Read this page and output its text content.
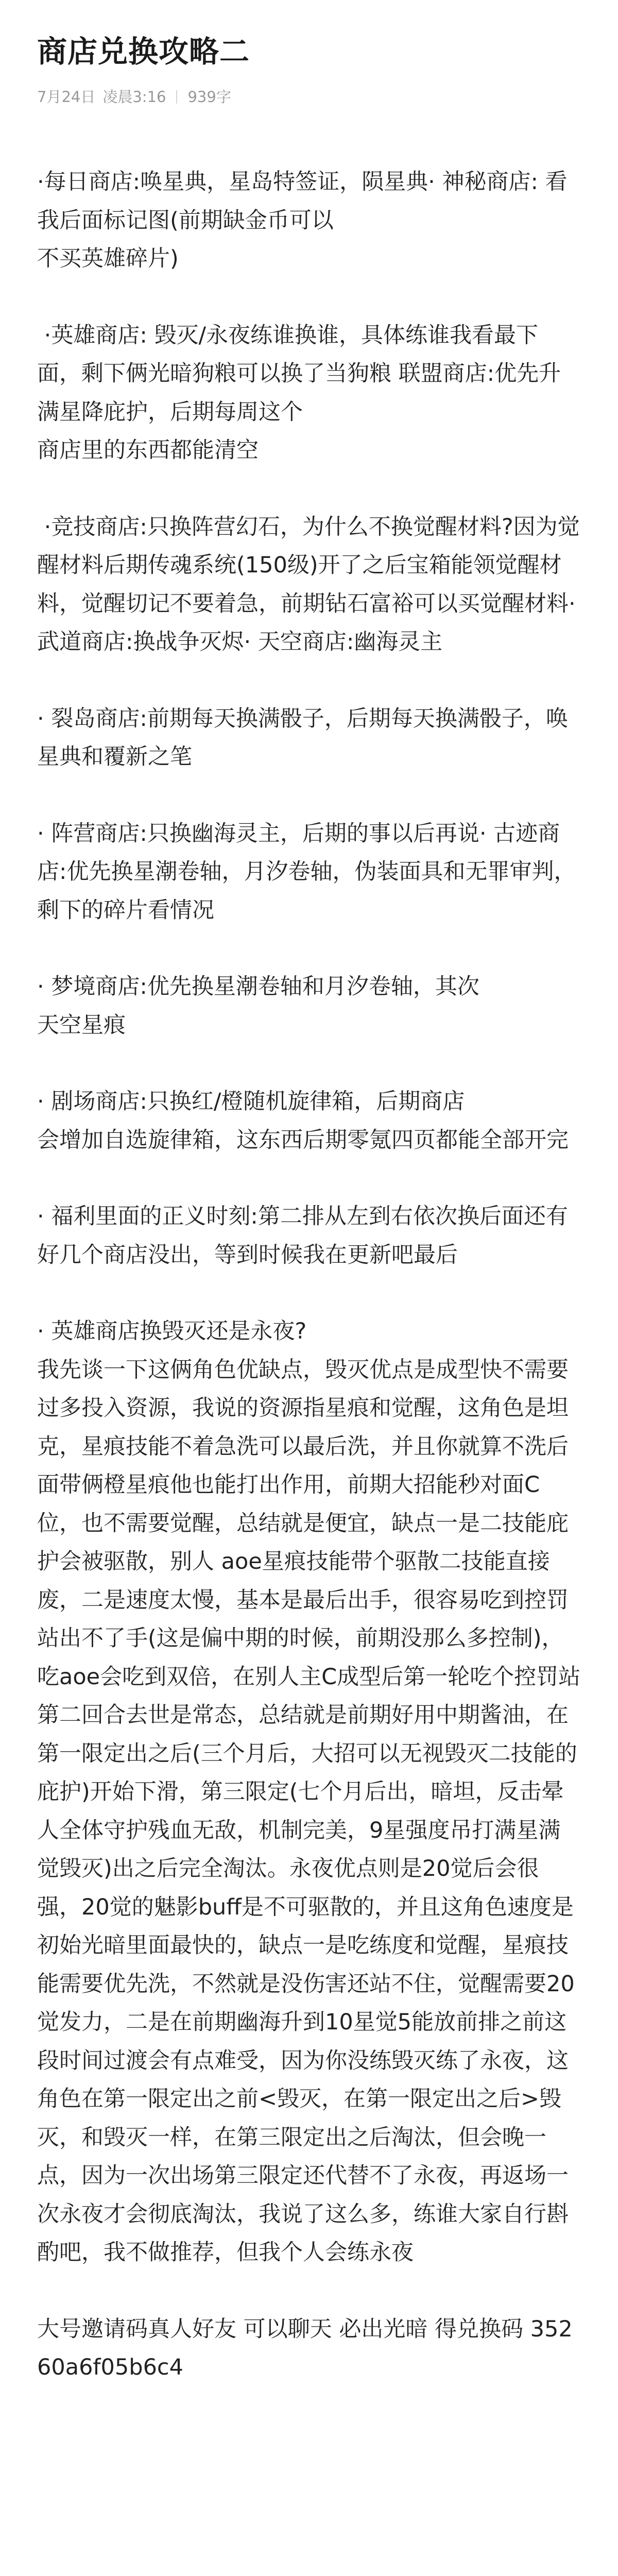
商店兑换攻略二
7月24日 凌晨3:16 939字

·每日商店:唤星典，星岛特签证，陨星典· 神秘商店: 看我后面标记图(前期缺金币可以
不买英雄碎片)

·英雄商店: 毁灭/永夜练谁换谁，具体练谁我看最下面，剩下俩光暗狗粮可以换了当狗粮 联盟商店:优先升满星降庇护，后期每周这个
商店里的东西都能清空

·竞技商店:只换阵营幻石，为什么不换觉醒材料?因为觉醒材料后期传魂系统(150级)开了之后宝箱能领觉醒材料，觉醒切记不要着急，前期钻石富裕可以买觉醒材料· 武道商店:换战争灭烬· 天空商店:幽海灵主

· 裂岛商店:前期每天换满骰子，后期每天换满骰子，唤星典和覆新之笔

· 阵营商店:只换幽海灵主，后期的事以后再说· 古迹商店:优先换星潮卷轴，月汐卷轴，伪装面具和无罪审判，剩下的碎片看情况

· 梦境商店:优先换星潮卷轴和月汐卷轴，其次
天空星痕

· 剧场商店:只换红/橙随机旋律箱，后期商店
会增加自选旋律箱，这东西后期零氪四页都能全部开完

· 福利里面的正义时刻:第二排从左到右依次换后面还有好几个商店没出，等到时候我在更新吧最后

· 英雄商店换毁灭还是永夜?
我先谈一下这俩角色优缺点，毁灭优点是成型快不需要过多投入资源，我说的资源指星痕和觉醒，这角色是坦克，星痕技能不着急洗可以最后洗，并且你就算不洗后面带俩橙星痕他也能打出作用，前期大招能秒对面C位，也不需要觉醒，总结就是便宜，缺点一是二技能庇护会被驱散，别人 aoe星痕技能带个驱散二技能直接废，二是速度太慢，基本是最后出手，很容易吃到控罚站出不了手(这是偏中期的时候，前期没那么多控制)，吃aoe会吃到双倍，在别人主C成型后第一轮吃个控罚站第二回合去世是常态，总结就是前期好用中期酱油，在第一限定出之后(三个月后，大招可以无视毁灭二技能的庇护)开始下滑，第三限定(七个月后出，暗坦，反击晕人全体守护残血无敌，机制完美，9星强度吊打满星满觉毁灭)出之后完全淘汰。永夜优点则是20觉后会很强，20觉的魅影buff是不可驱散的，并且这角色速度是初始光暗里面最快的，缺点一是吃练度和觉醒，星痕技能需要优先洗，不然就是没伤害还站不住，觉醒需要20觉发力，二是在前期幽海升到10星觉5能放前排之前这段时间过渡会有点难受，因为你没练毁灭练了永夜，这角色在第一限定出之前<毁灭，在第一限定出之后>毁灭，和毁灭一样，在第三限定出之后淘汰，但会晚一点，因为一次出场第三限定还代替不了永夜，再返场一次永夜才会彻底淘汰，我说了这么多，练谁大家自行斟酌吧，我不做推荐，但我个人会练永夜

大号邀请码真人好友 可以聊天 必出光暗 得兑换码 35260a6f05b6c4
